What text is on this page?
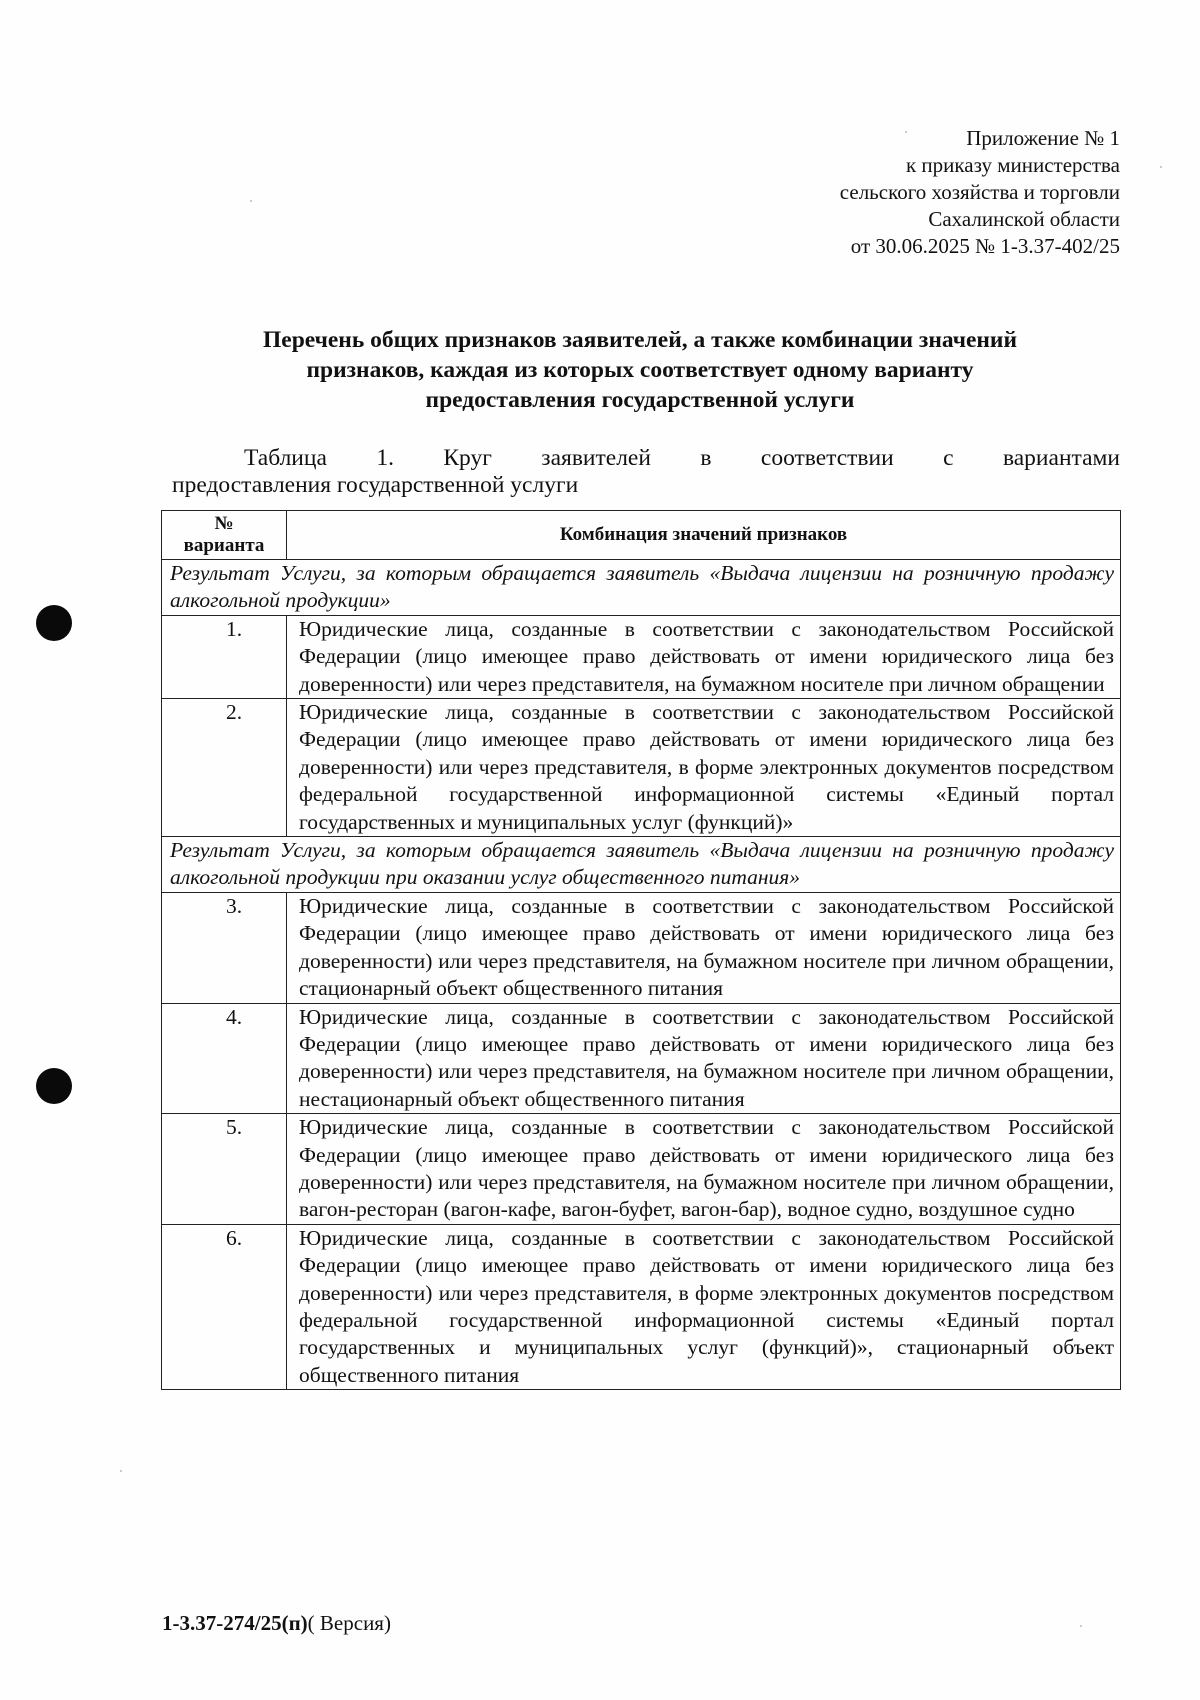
Приложение № 1
к приказу министерства
сельского хозяйства и торговли
Сахалинской области
от 30.06.2025 № 1-3.37-402/25
Перечень общих признаков заявителей, а также комбинации значений
признаков, каждая из которых соответствует одному варианту
предоставления государственной услуги
Таблица 1. Круг заявителей в соответствии с вариантами
предоставления государственной услуги
№
варианта	Комбинация значений признаков
Результат Услуги, за которым обращается заявитель «Выдача лицензии на розничную продажу алкогольной продукции»	
1.	Юридические лица, созданные в соответствии с законодательством Российской Федерации (лицо имеющее право действовать от имени юридического лица без доверенности) или через представителя, на бумажном носителе при личном обращении
2.	Юридические лица, созданные в соответствии с законодательством Российской Федерации (лицо имеющее право действовать от имени юридического лица без доверенности) или через представителя, в форме электронных документов посредством федеральной государственной информационной системы «Единый портал государственных и муниципальных услуг (функций)»
Результат Услуги, за которым обращается заявитель «Выдача лицензии на розничную продажу алкогольной продукции при оказании услуг общественного питания»	
3.	Юридические лица, созданные в соответствии с законодательством Российской Федерации (лицо имеющее право действовать от имени юридического лица без доверенности) или через представителя, на бумажном носителе при личном обращении, стационарный объект общественного питания
4.	Юридические лица, созданные в соответствии с законодательством Российской Федерации (лицо имеющее право действовать от имени юридического лица без доверенности) или через представителя, на бумажном носителе при личном обращении, нестационарный объект общественного питания
5.	Юридические лица, созданные в соответствии с законодательством Российской Федерации (лицо имеющее право действовать от имени юридического лица без доверенности) или через представителя, на бумажном носителе при личном обращении, вагон-ресторан (вагон-кафе, вагон-буфет, вагон-бар), водное судно, воздушное судно
6.	Юридические лица, созданные в соответствии с законодательством Российской Федерации (лицо имеющее право действовать от имени юридического лица без доверенности) или через представителя, в форме электронных документов посредством федеральной государственной информационной системы «Единый портал государственных и муниципальных услуг (функций)», стационарный объект общественного питания
1-3.37-274/25(п)( Версия)
